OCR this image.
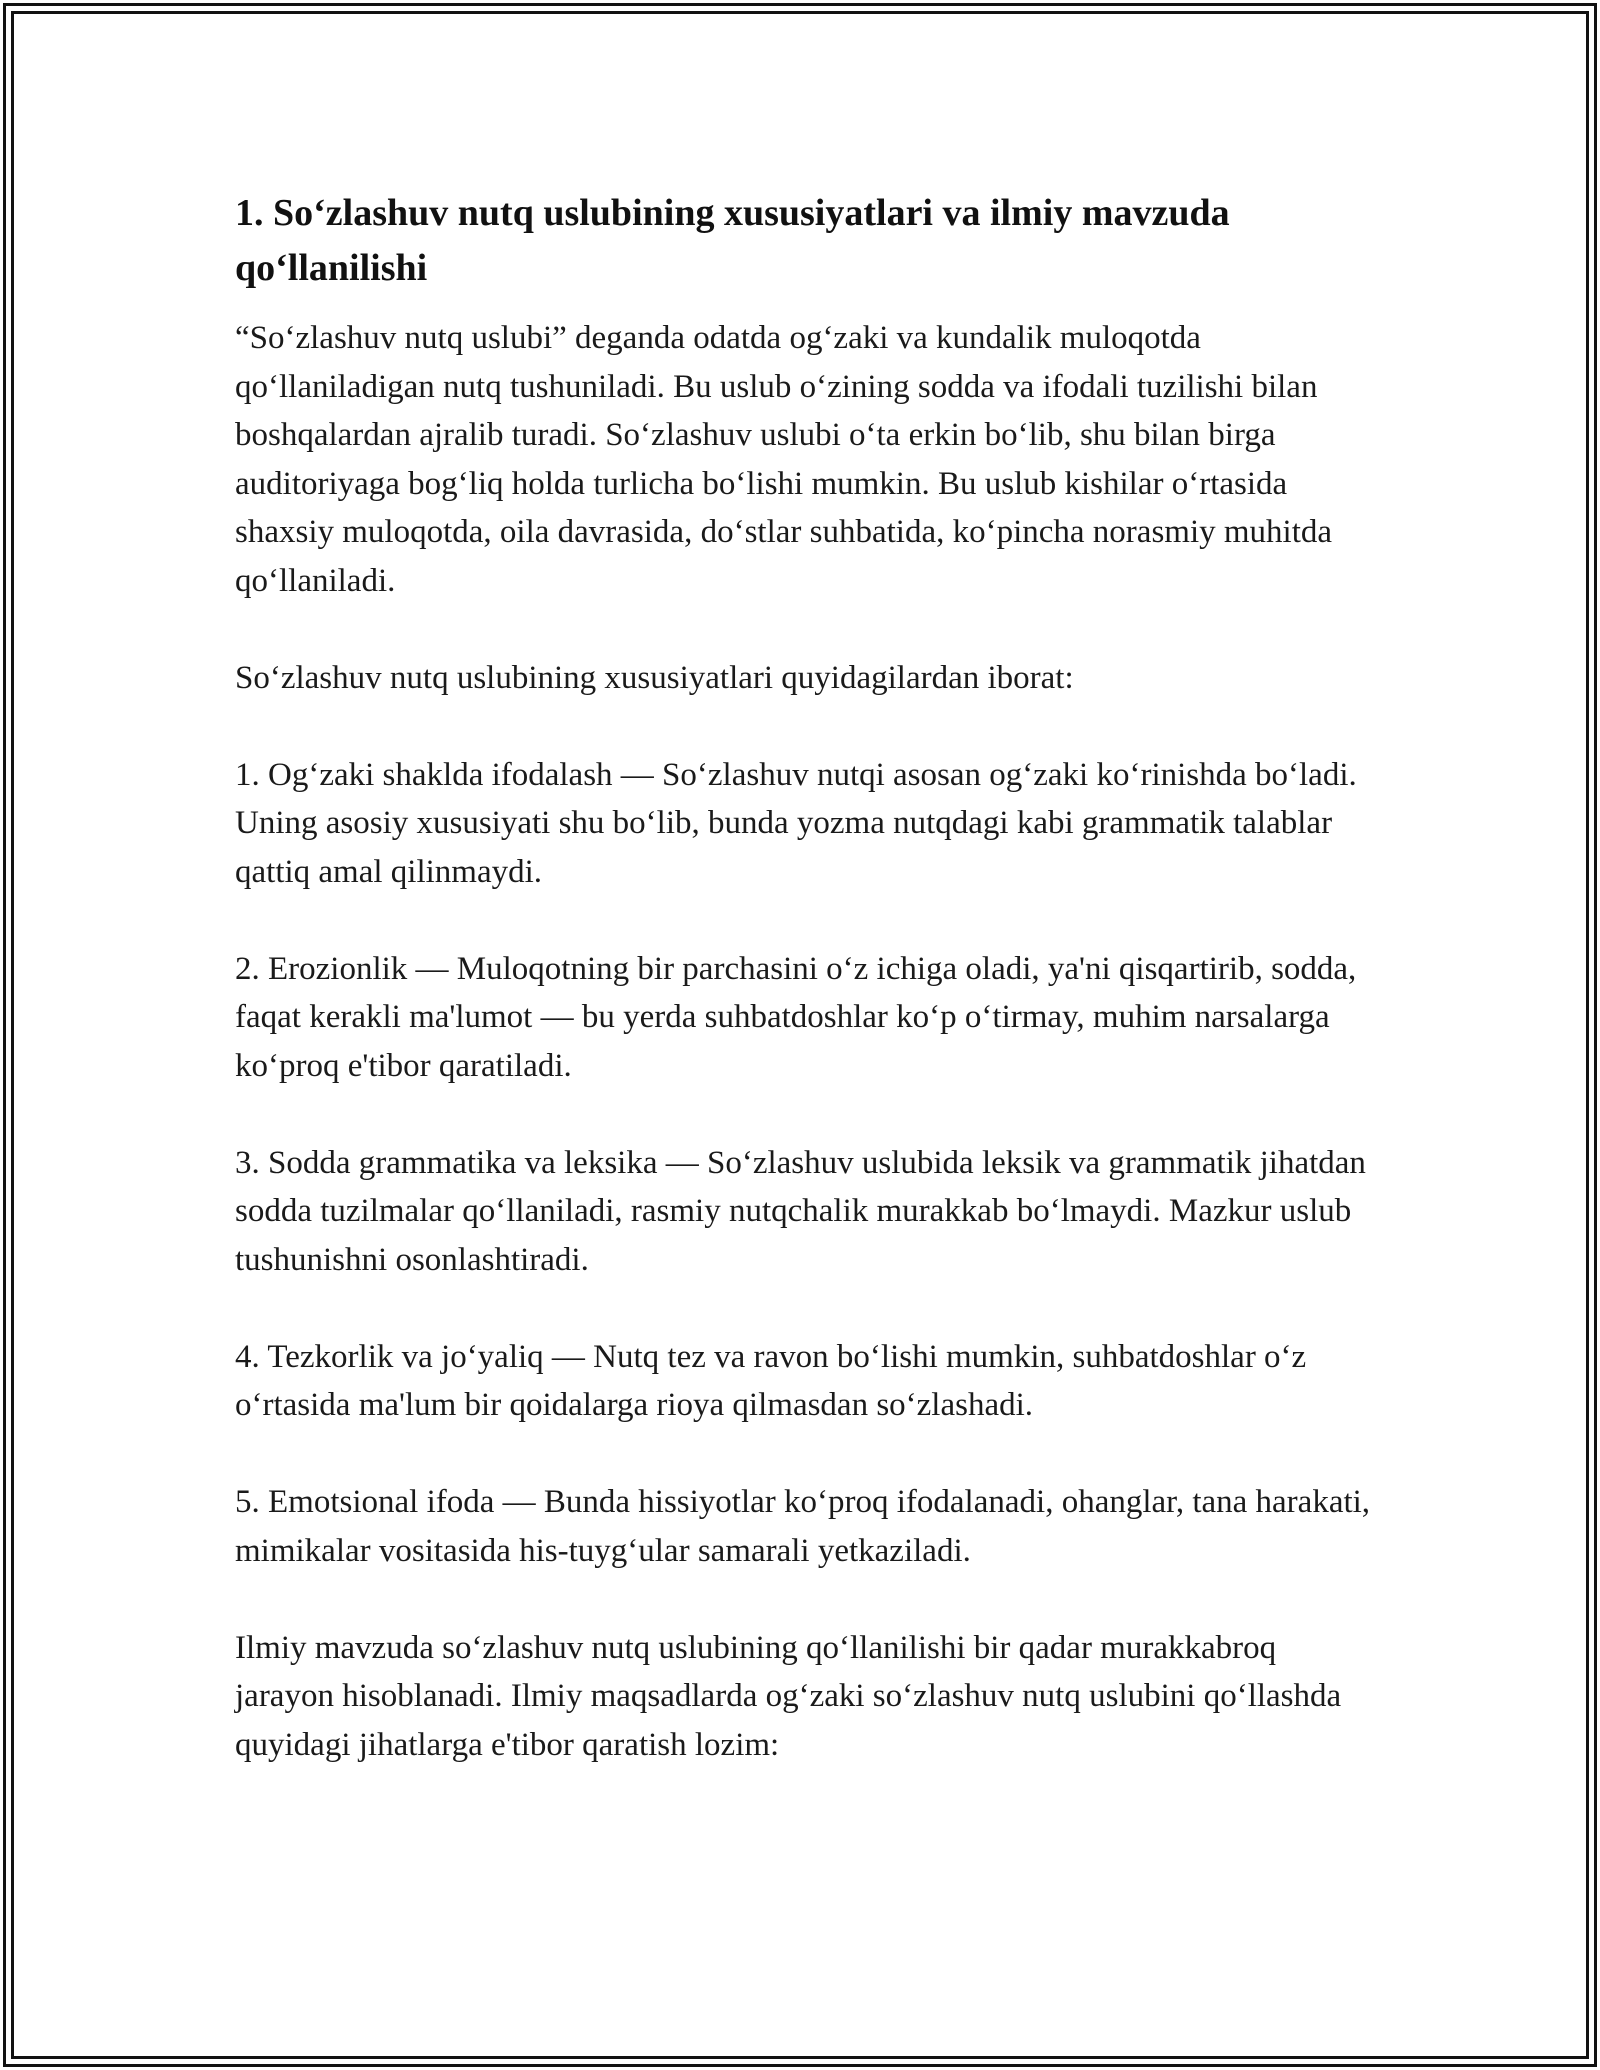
1. So‘zlashuv nutq uslubining xususiyatlari va ilmiy mavzuda qo‘llanilishi

“So‘zlashuv nutq uslubi” deganda odatda og‘zaki va kundalik muloqotda qo‘llaniladigan nutq tushuniladi. Bu uslub o‘zining sodda va ifodali tuzilishi bilan boshqalardan ajralib turadi. So‘zlashuv uslubi o‘ta erkin bo‘lib, shu bilan birga auditoriyaga bog‘liq holda turlicha bo‘lishi mumkin. Bu uslub kishilar o‘rtasida shaxsiy muloqotda, oila davrasida, do‘stlar suhbatida, ko‘pincha norasmiy muhitda qo‘llaniladi.

So‘zlashuv nutq uslubining xususiyatlari quyidagilardan iborat:

1. Og‘zaki shaklda ifodalash — So‘zlashuv nutqi asosan og‘zaki ko‘rinishda bo‘ladi. Uning asosiy xususiyati shu bo‘lib, bunda yozma nutqdagi kabi grammatik talablar qattiq amal qilinmaydi.

2. Erozionlik — Muloqotning bir parchasini o‘z ichiga oladi, ya'ni qisqartirib, sodda, faqat kerakli ma'lumot — bu yerda suhbatdoshlar ko‘p o‘tirmay, muhim narsalarga ko‘proq e'tibor qaratiladi.

3. Sodda grammatika va leksika — So‘zlashuv uslubida leksik va grammatik jihatdan sodda tuzilmalar qo‘llaniladi, rasmiy nutqchalik murakkab bo‘lmaydi. Mazkur uslub tushunishni osonlashtiradi.

4. Tezkorlik va jo‘yaliq — Nutq tez va ravon bo‘lishi mumkin, suhbatdoshlar o‘z o‘rtasida ma'lum bir qoidalarga rioya qilmasdan so‘zlashadi.

5. Emotsional ifoda — Bunda hissiyotlar ko‘proq ifodalanadi, ohanglar, tana harakati, mimikalar vositasida his-tuyg‘ular samarali yetkaziladi.

Ilmiy mavzuda so‘zlashuv nutq uslubining qo‘llanilishi bir qadar murakkabroq jarayon hisoblanadi. Ilmiy maqsadlarda og‘zaki so‘zlashuv nutq uslubini qo‘llashda quyidagi jihatlarga e'tibor qaratish lozim:
